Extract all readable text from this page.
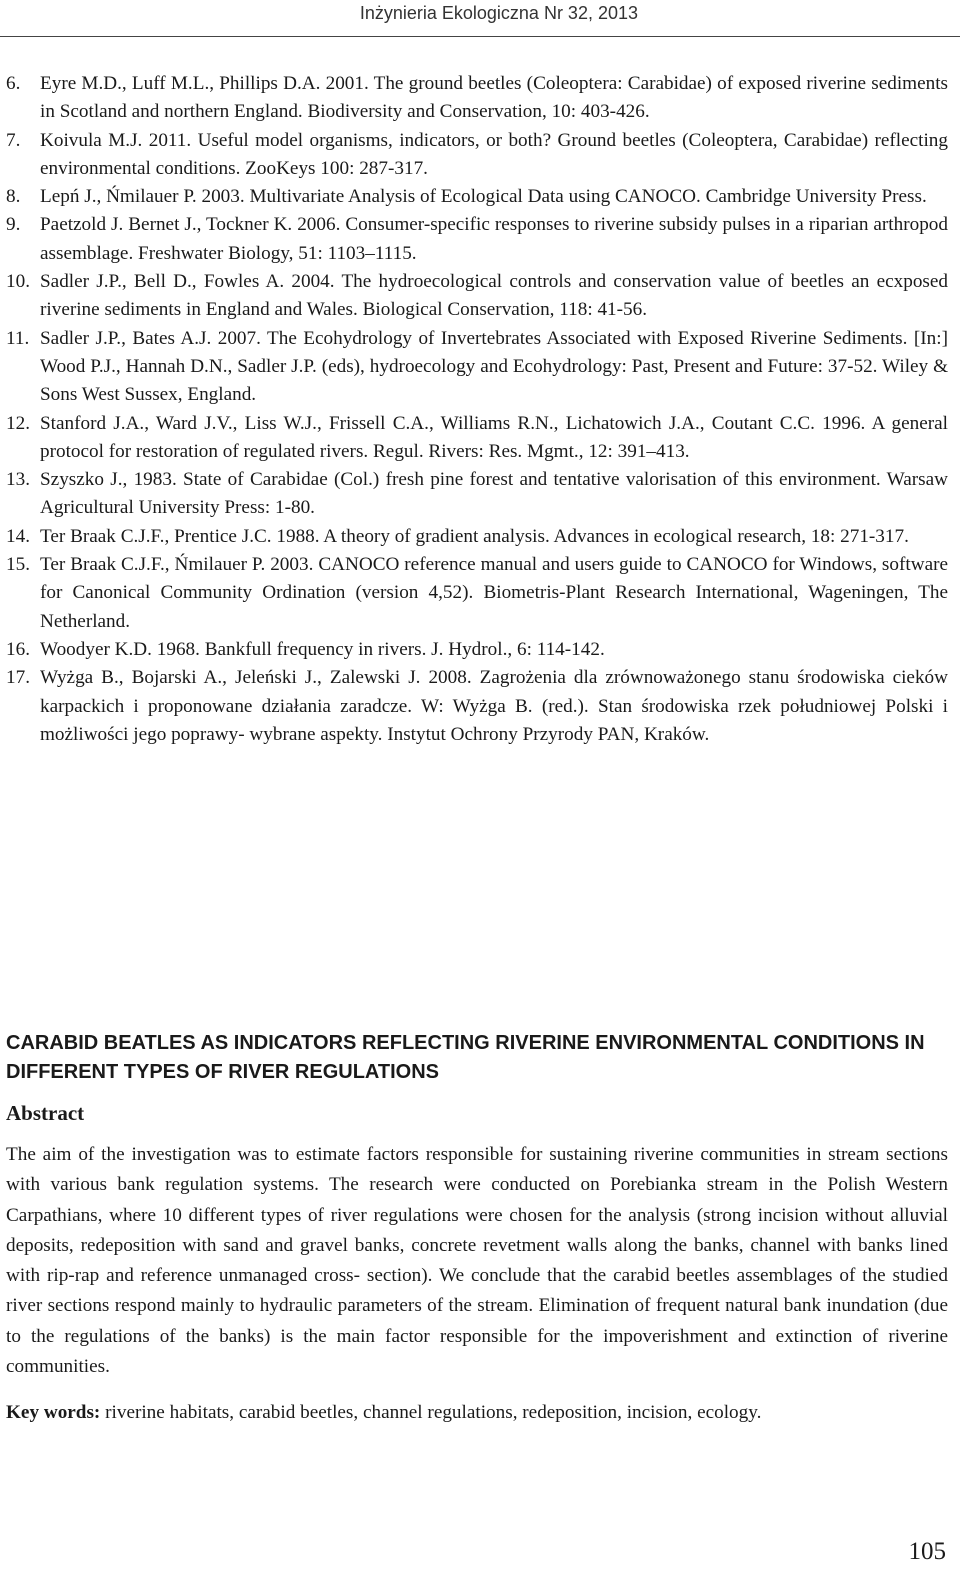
Inżynieria Ekologiczna Nr 32, 2013
6. Eyre M.D., Luff M.L., Phillips D.A. 2001. The ground beetles (Coleoptera: Carabidae) of exposed riverine sediments in Scotland and northern England. Biodiversity and Conservation, 10: 403-426.
7. Koivula M.J. 2011. Useful model organisms, indicators, or both? Ground beetles (Coleoptera, Carabidae) reflecting environmental conditions. ZooKeys 100: 287-317.
8. Lepń J., Ńmilauer P. 2003. Multivariate Analysis of Ecological Data using CANOCO. Cambridge University Press.
9. Paetzold J. Bernet J., Tockner K. 2006. Consumer-specific responses to riverine subsidy pulses in a riparian arthropod assemblage. Freshwater Biology, 51: 1103–1115.
10. Sadler J.P., Bell D., Fowles A. 2004. The hydroecological controls and conservation value of beetles an ecxposed riverine sediments in England and Wales. Biological Conservation, 118: 41-56.
11. Sadler J.P., Bates A.J. 2007. The Ecohydrology of Invertebrates Associated with Exposed Riverine Sediments. [In:] Wood P.J., Hannah D.N., Sadler J.P. (eds), hydroecology and Ecohydrology: Past, Present and Future: 37-52. Wiley & Sons West Sussex, England.
12. Stanford J.A., Ward J.V., Liss W.J., Frissell C.A., Williams R.N., Lichatowich J.A., Coutant C.C. 1996. A general protocol for restoration of regulated rivers. Regul. Rivers: Res. Mgmt., 12: 391–413.
13. Szyszko J., 1983. State of Carabidae (Col.) fresh pine forest and tentative valorisation of this environment. Warsaw Agricultural University Press: 1-80.
14. Ter Braak C.J.F., Prentice J.C. 1988. A theory of gradient analysis. Advances in ecological research, 18: 271-317.
15. Ter Braak C.J.F., Ńmilauer P. 2003. CANOCO reference manual and users guide to CANOCO for Windows, software for Canonical Community Ordination (version 4,52). Biometris-Plant Research International, Wageningen, The Netherland.
16. Woodyer K.D. 1968. Bankfull frequency in rivers. J. Hydrol., 6: 114-142.
17. Wyżga B., Bojarski A., Jeleński J., Zalewski J. 2008. Zagrożenia dla zrównoważonego stanu środowiska cieków karpackich i proponowane działania zaradcze. W: Wyżga B. (red.). Stan środowiska rzek południowej Polski i możliwości jego poprawy- wybrane aspekty. Instytut Ochrony Przyrody PAN, Kraków.
CARABID BEATLES AS INDICATORS REFLECTING RIVERINE ENVIRONMENTAL CONDITIONS IN DIFFERENT TYPES OF RIVER REGULATIONS
Abstract

The aim of the investigation was to estimate factors responsible for sustaining riverine communities in stream sections with various bank regulation systems. The research were conducted on Porebianka stream in the Polish Western Carpathians, where 10 different types of river regulations were chosen for the analysis (strong incision without alluvial deposits, redeposition with sand and gravel banks, concrete revetment walls along the banks, channel with banks lined with rip-rap and reference unmanaged cross- section). We conclude that the carabid beetles assemblages of the studied river sections respond mainly to hydraulic parameters of the stream. Elimination of frequent natural bank inundation (due to the regulations of the banks) is the main factor responsible for the impoverishment and extinction of riverine communities.

Key words: riverine habitats, carabid beetles, channel regulations, redeposition, incision, ecology.

105
